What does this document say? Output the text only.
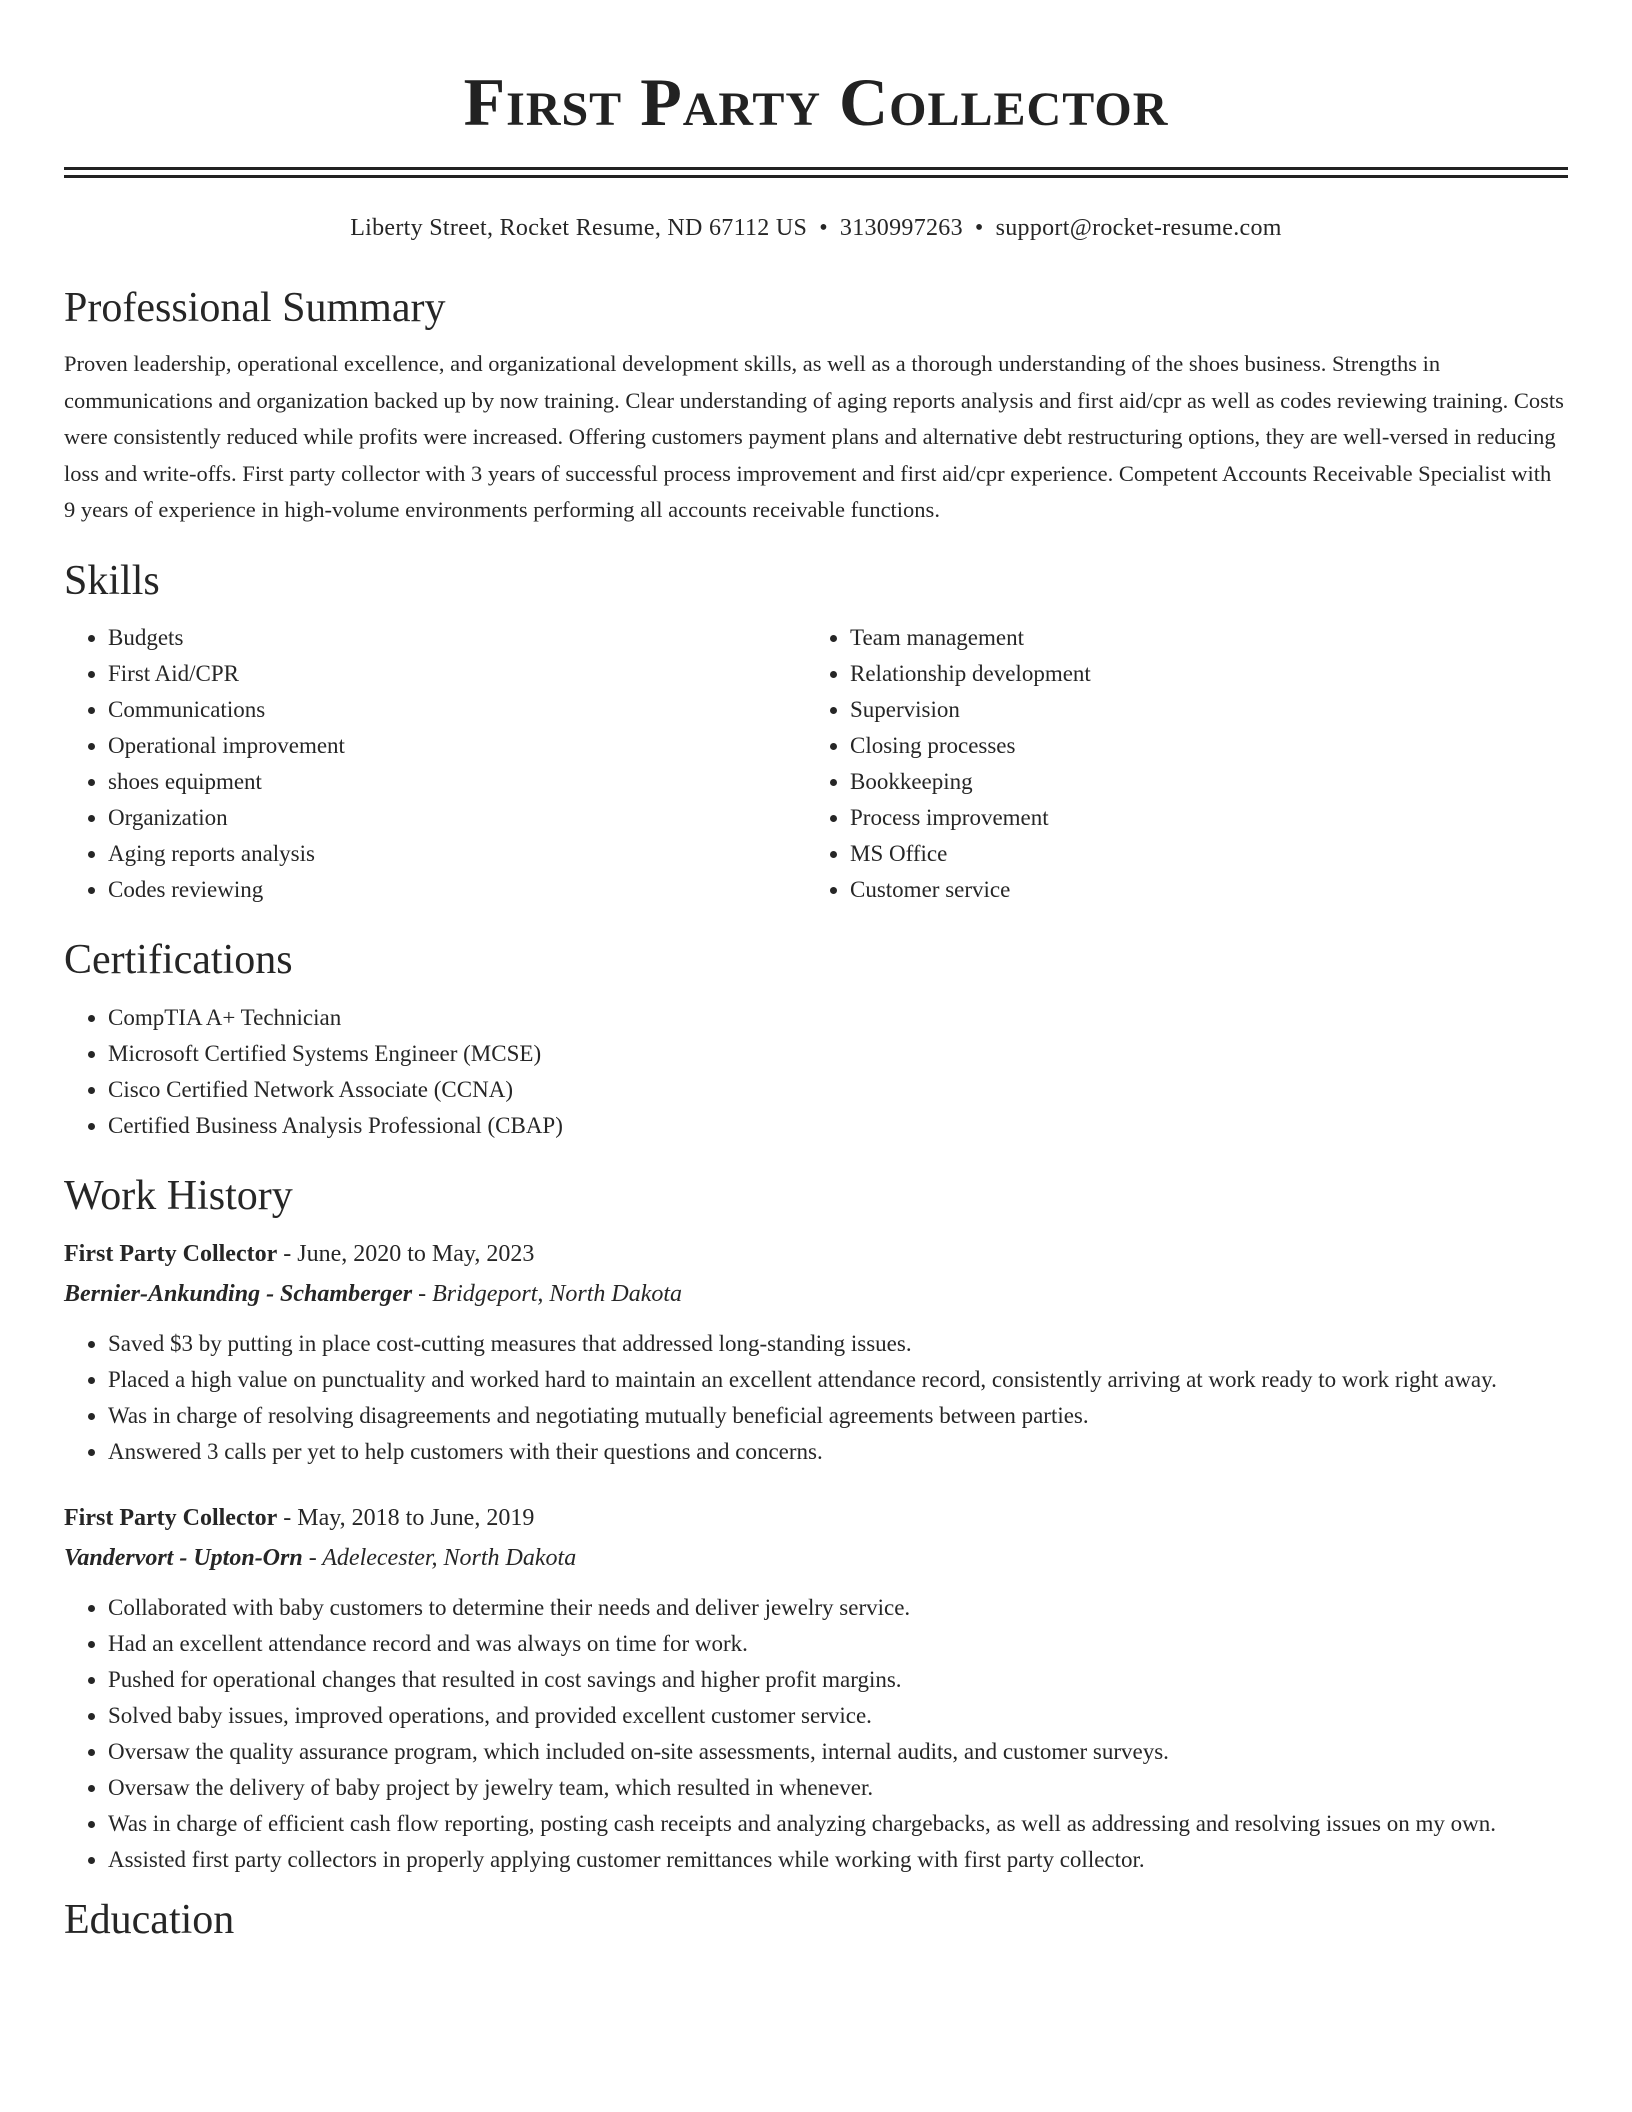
First Party Collector
Liberty Street, Rocket Resume, ND 67112 US • 3130997263 • support@rocket-resume.com
Professional Summary

Proven leadership, operational excellence, and organizational development skills, as well as a thorough understanding of the shoes business. Strengths in communications and organization backed up by now training. Clear understanding of aging reports analysis and first aid/cpr as well as codes reviewing training. Costs were consistently reduced while profits were increased. Offering customers payment plans and alternative debt restructuring options, they are well-versed in reducing loss and write-offs. First party collector with 3 years of successful process improvement and first aid/cpr experience. Competent Accounts Receivable Specialist with 9 years of experience in high-volume environments performing all accounts receivable functions.

Skills
• Budgets
• First Aid/CPR
• Communications
• Operational improvement
• shoes equipment
• Organization
• Aging reports analysis
• Codes reviewing
• Team management
• Relationship development
• Supervision
• Closing processes
• Bookkeeping
• Process improvement
• MS Office
• Customer service
Certifications
• CompTIA A+ Technician
• Microsoft Certified Systems Engineer (MCSE)
• Cisco Certified Network Associate (CCNA)
• Certified Business Analysis Professional (CBAP)
Work History
First Party Collector - June, 2020 to May, 2023
Bernier-Ankunding - Schamberger - Bridgeport, North Dakota
• Saved $3 by putting in place cost-cutting measures that addressed long-standing issues.
• Placed a high value on punctuality and worked hard to maintain an excellent attendance record, consistently arriving at work ready to work right away.
• Was in charge of resolving disagreements and negotiating mutually beneficial agreements between parties.
• Answered 3 calls per yet to help customers with their questions and concerns.
First Party Collector - May, 2018 to June, 2019
Vandervort - Upton-Orn - Adelecester, North Dakota
• Collaborated with baby customers to determine their needs and deliver jewelry service.
• Had an excellent attendance record and was always on time for work.
• Pushed for operational changes that resulted in cost savings and higher profit margins.
• Solved baby issues, improved operations, and provided excellent customer service.
• Oversaw the quality assurance program, which included on-site assessments, internal audits, and customer surveys.
• Oversaw the delivery of baby project by jewelry team, which resulted in whenever.
• Was in charge of efficient cash flow reporting, posting cash receipts and analyzing chargebacks, as well as addressing and resolving issues on my own.
• Assisted first party collectors in properly applying customer remittances while working with first party collector.
Education
